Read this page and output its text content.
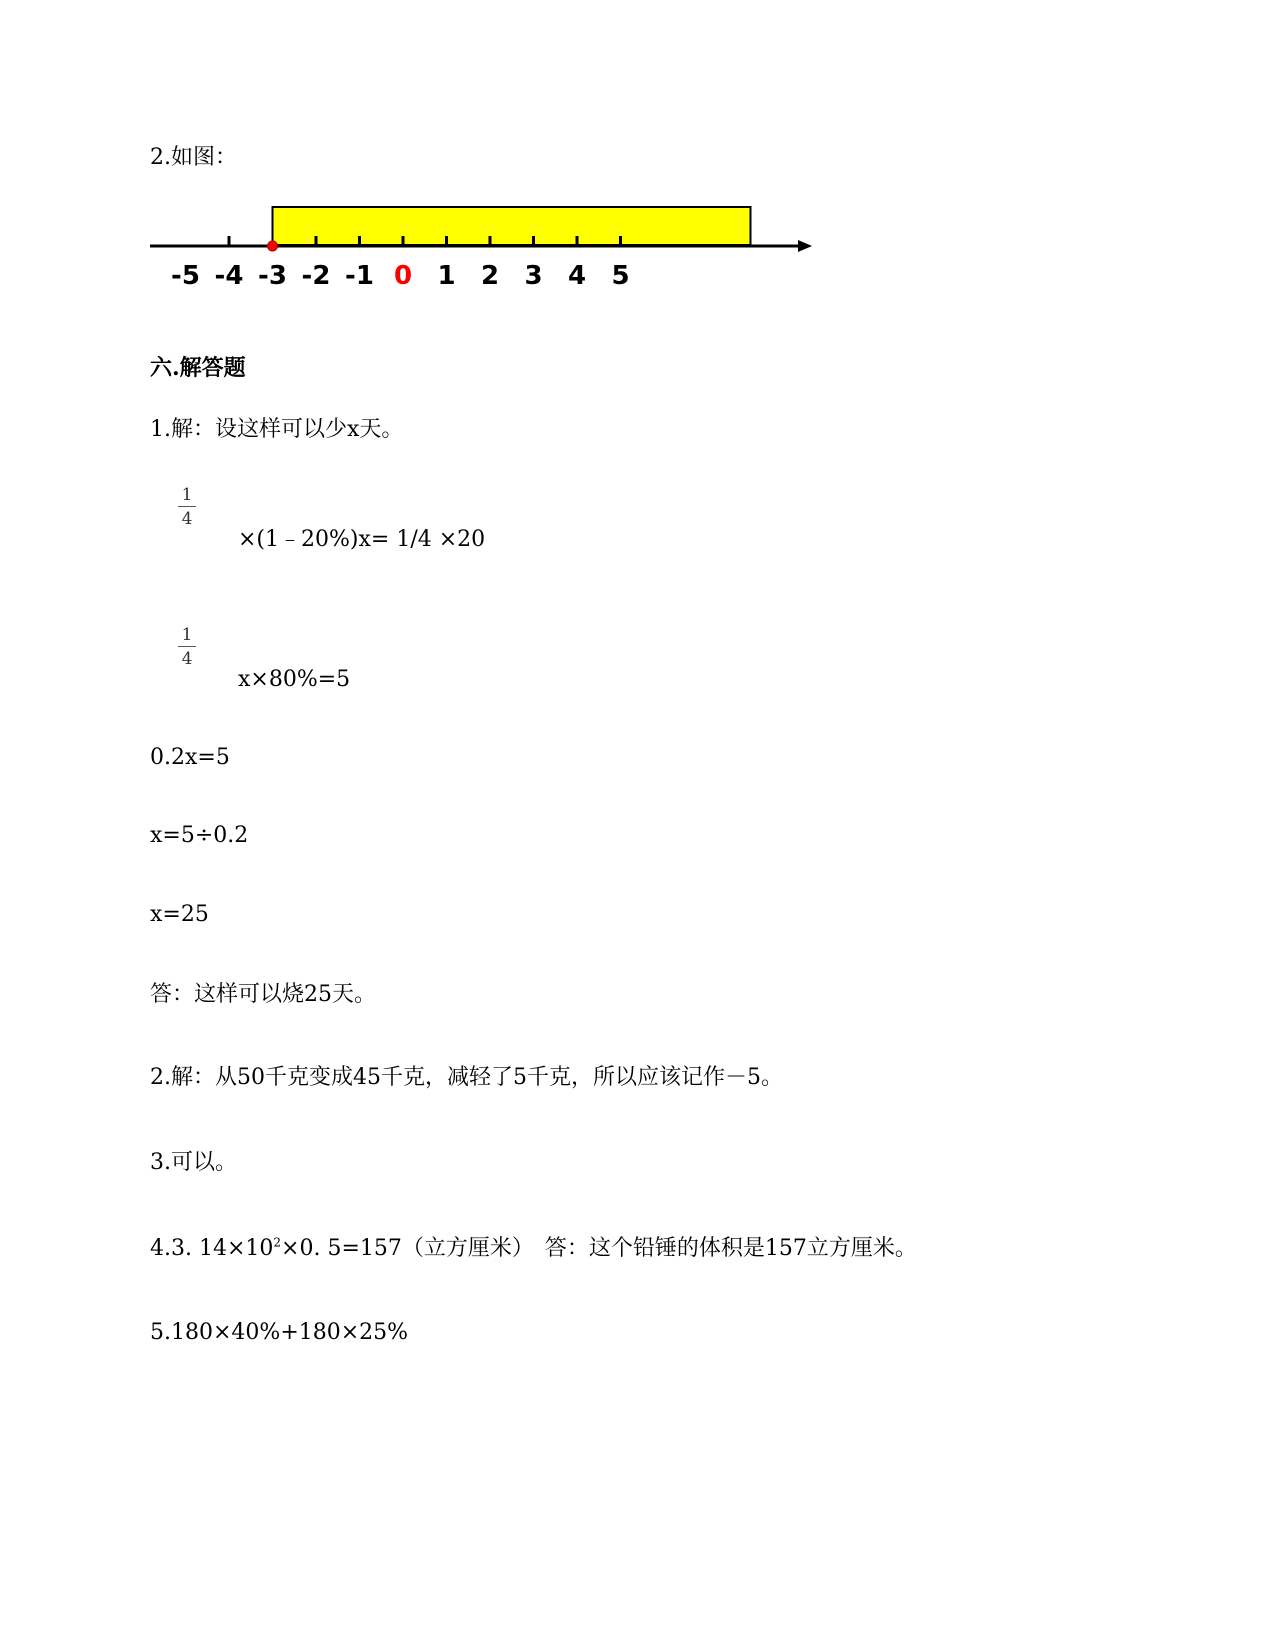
2.如图：
-5 -4 -3 -2 -1 0 1 2 3 4 5
六.解答题
1.解：设这样可以少x天。
1
4
×(1﹣20%)x= 1/4 ×20
1
4
x×80%=5
0.2x=5
x=5÷0.2
x=25
答：这样可以烧25天。
2.解：从50千克变成45千克，减轻了5千克，所以应该记作－5。
3.可以。
4.3. $14\times 10^2\times 0$. 5=157（立方厘米）　答：这个铅锤的体积是157立方厘米。
5.180×40%+180×25%
